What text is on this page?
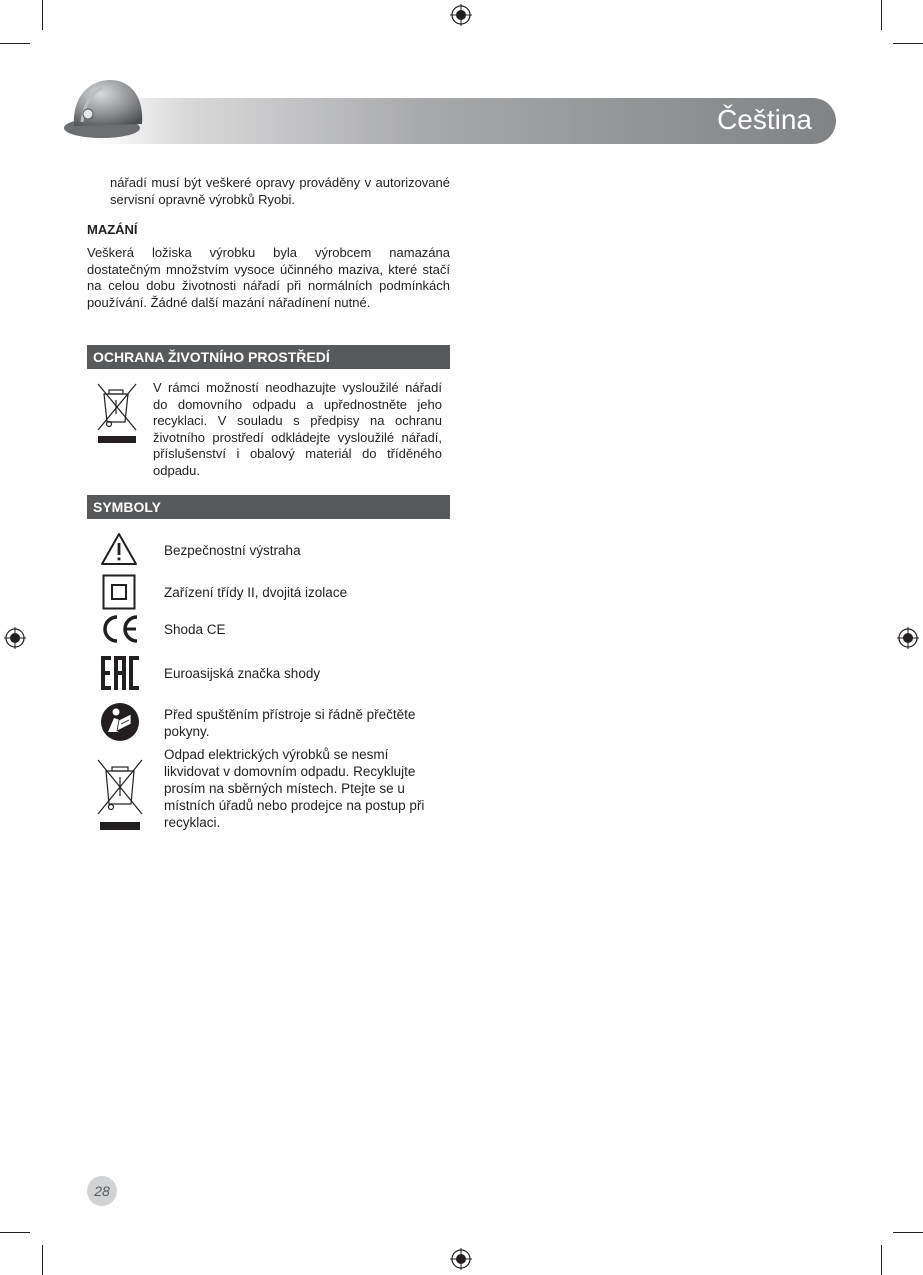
Čeština

nářadí musí být veškeré opravy prováděny v autorizované servisní opravně výrobků Ryobi.

MAZÁNÍ

Veškerá ložiska výrobku byla výrobcem namazána dostatečným množstvím vysoce účinného maziva, které stačí na celou dobu životnosti nářadí při normálních podmínkách používání. Žádné další mazání nářadínení nutné.

OCHRANA ŽIVOTNÍHO PROSTŘEDÍ

V rámci možností neodhazujte vysloužilé nářadí do domovního odpadu a upřednostněte jeho recyklaci. V souladu s předpisy na ochranu životního prostředí odkládejte vysloužilé nářadí, příslušenství i obalový materiál do tříděného odpadu.

SYMBOLY
Bezpečnostní výstraha
Zařízení třídy II, dvojitá izolace
Shoda CE
Euroasijská značka shody
Před spuštěním přístroje si řádně přečtěte pokyny.
Odpad elektrických výrobků se nesmí likvidovat v domovním odpadu. Recyklujte prosím na sběrných místech. Ptejte se u místních úřadů nebo prodejce na postup při recyklaci.
28
